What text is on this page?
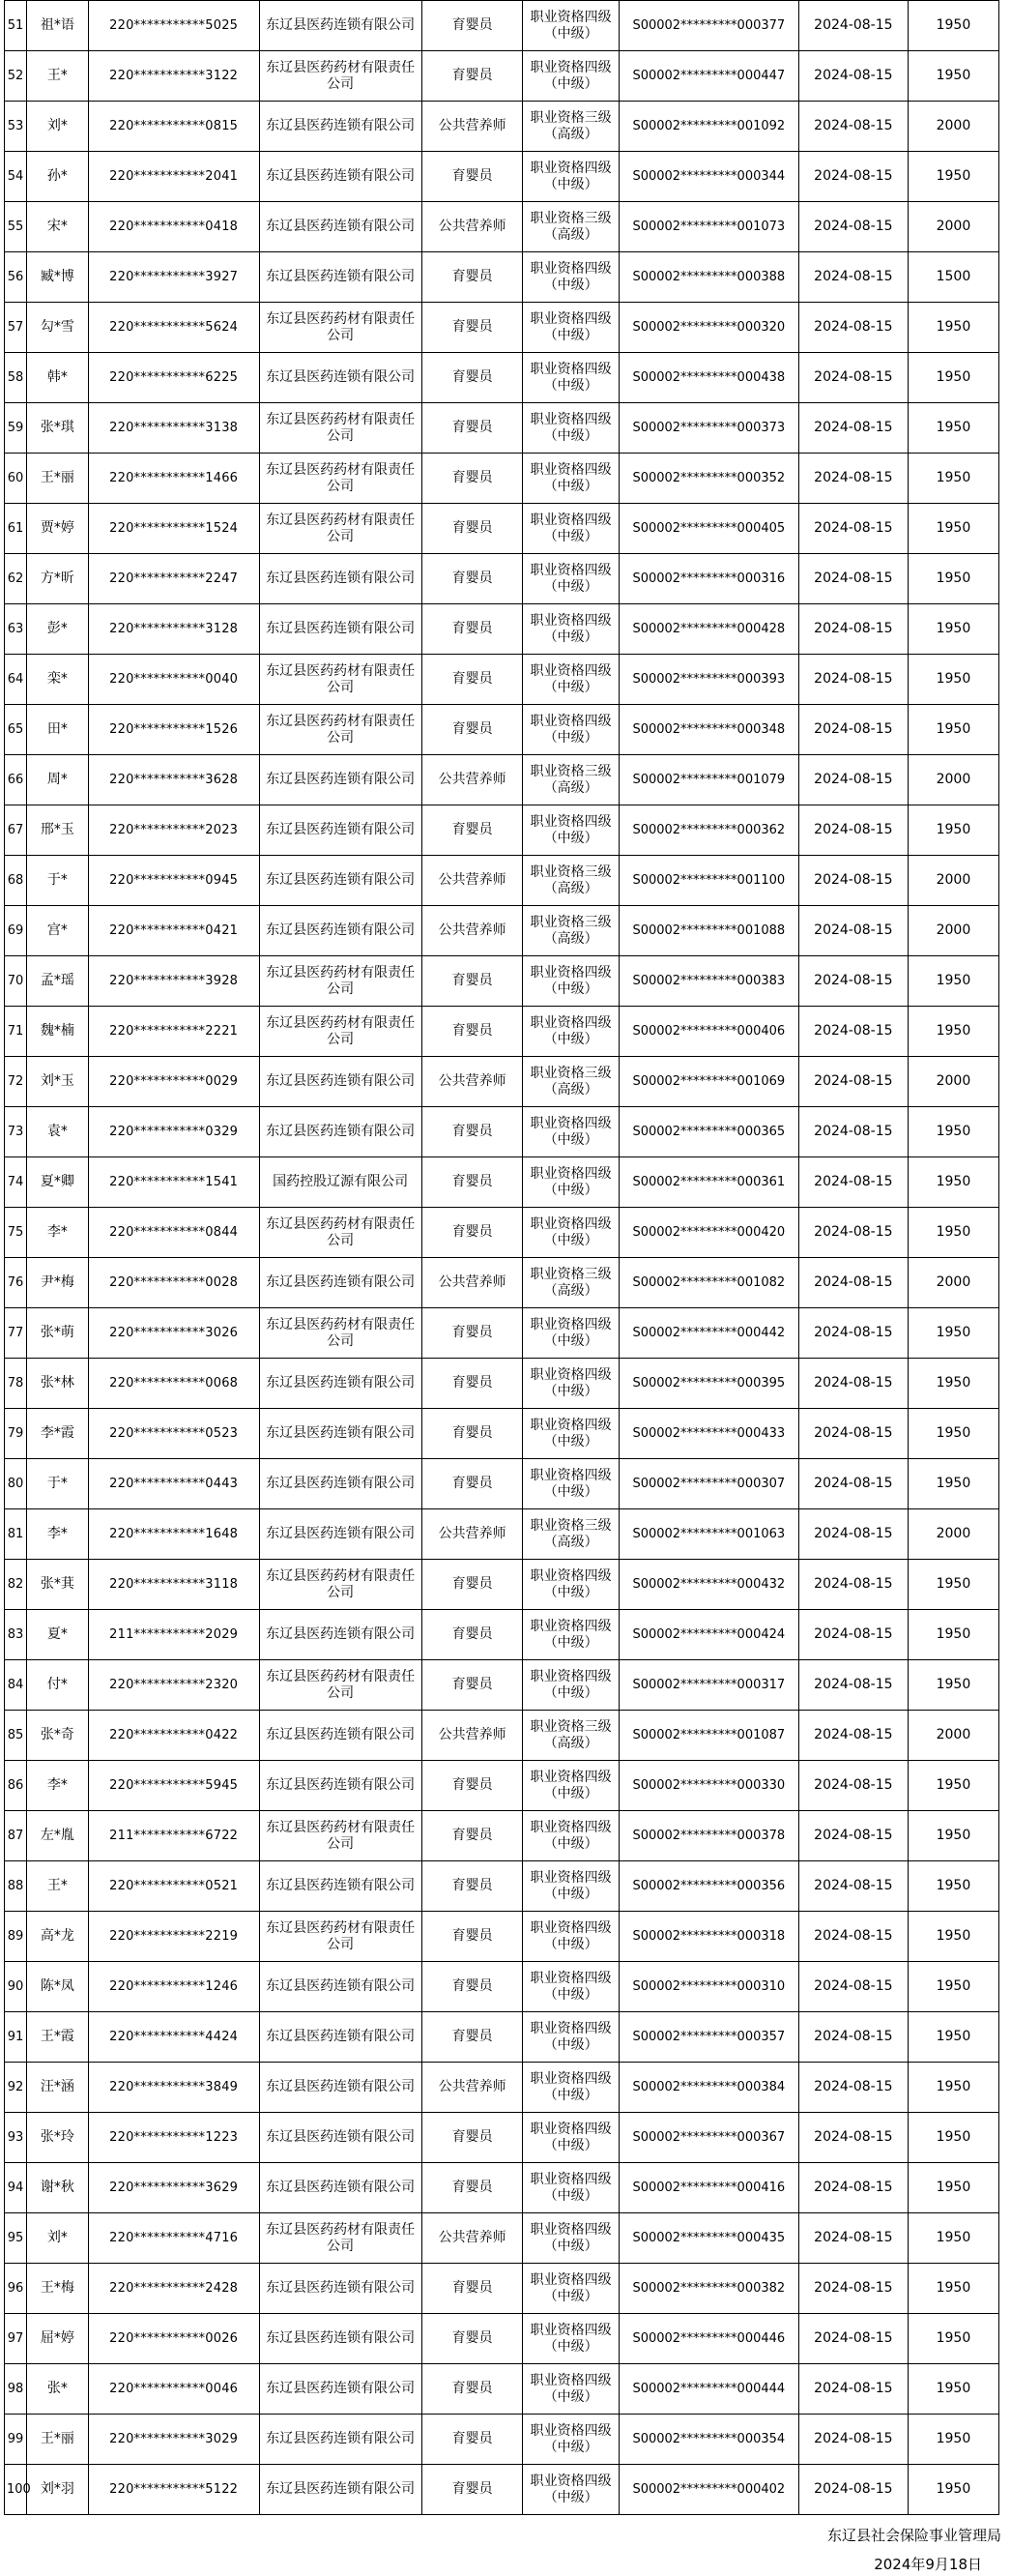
51	祖*语	220***********5025	东辽县医药连锁有限公司	育婴员	职业资格四级（中级）	S00002*********000377	2024-08-15	1950
52	王*	220***********3122	东辽县医药药材有限责任公司	育婴员	职业资格四级（中级）	S00002*********000447	2024-08-15	1950
53	刘*	220***********0815	东辽县医药连锁有限公司	公共营养师	职业资格三级（高级）	S00002*********001092	2024-08-15	2000
54	孙*	220***********2041	东辽县医药连锁有限公司	育婴员	职业资格四级（中级）	S00002*********000344	2024-08-15	1950
55	宋*	220***********0418	东辽县医药连锁有限公司	公共营养师	职业资格三级（高级）	S00002*********001073	2024-08-15	2000
56	臧*博	220***********3927	东辽县医药连锁有限公司	育婴员	职业资格四级（中级）	S00002*********000388	2024-08-15	1500
57	勾*雪	220***********5624	东辽县医药药材有限责任公司	育婴员	职业资格四级（中级）	S00002*********000320	2024-08-15	1950
58	韩*	220***********6225	东辽县医药连锁有限公司	育婴员	职业资格四级（中级）	S00002*********000438	2024-08-15	1950
59	张*琪	220***********3138	东辽县医药药材有限责任公司	育婴员	职业资格四级（中级）	S00002*********000373	2024-08-15	1950
60	王*丽	220***********1466	东辽县医药药材有限责任公司	育婴员	职业资格四级（中级）	S00002*********000352	2024-08-15	1950
61	贾*婷	220***********1524	东辽县医药药材有限责任公司	育婴员	职业资格四级（中级）	S00002*********000405	2024-08-15	1950
62	方*昕	220***********2247	东辽县医药连锁有限公司	育婴员	职业资格四级（中级）	S00002*********000316	2024-08-15	1950
63	彭*	220***********3128	东辽县医药连锁有限公司	育婴员	职业资格四级（中级）	S00002*********000428	2024-08-15	1950
64	栾*	220***********0040	东辽县医药药材有限责任公司	育婴员	职业资格四级（中级）	S00002*********000393	2024-08-15	1950
65	田*	220***********1526	东辽县医药药材有限责任公司	育婴员	职业资格四级（中级）	S00002*********000348	2024-08-15	1950
66	周*	220***********3628	东辽县医药连锁有限公司	公共营养师	职业资格三级（高级）	S00002*********001079	2024-08-15	2000
67	邢*玉	220***********2023	东辽县医药连锁有限公司	育婴员	职业资格四级（中级）	S00002*********000362	2024-08-15	1950
68	于*	220***********0945	东辽县医药连锁有限公司	公共营养师	职业资格三级（高级）	S00002*********001100	2024-08-15	2000
69	宫*	220***********0421	东辽县医药连锁有限公司	公共营养师	职业资格三级（高级）	S00002*********001088	2024-08-15	2000
70	孟*瑶	220***********3928	东辽县医药药材有限责任公司	育婴员	职业资格四级（中级）	S00002*********000383	2024-08-15	1950
71	魏*楠	220***********2221	东辽县医药药材有限责任公司	育婴员	职业资格四级（中级）	S00002*********000406	2024-08-15	1950
72	刘*玉	220***********0029	东辽县医药连锁有限公司	公共营养师	职业资格三级（高级）	S00002*********001069	2024-08-15	2000
73	袁*	220***********0329	东辽县医药连锁有限公司	育婴员	职业资格四级（中级）	S00002*********000365	2024-08-15	1950
74	夏*卿	220***********1541	国药控股辽源有限公司	育婴员	职业资格四级（中级）	S00002*********000361	2024-08-15	1950
75	李*	220***********0844	东辽县医药药材有限责任公司	育婴员	职业资格四级（中级）	S00002*********000420	2024-08-15	1950
76	尹*梅	220***********0028	东辽县医药连锁有限公司	公共营养师	职业资格三级（高级）	S00002*********001082	2024-08-15	2000
77	张*萌	220***********3026	东辽县医药药材有限责任公司	育婴员	职业资格四级（中级）	S00002*********000442	2024-08-15	1950
78	张*林	220***********0068	东辽县医药连锁有限公司	育婴员	职业资格四级（中级）	S00002*********000395	2024-08-15	1950
79	李*霞	220***********0523	东辽县医药连锁有限公司	育婴员	职业资格四级（中级）	S00002*********000433	2024-08-15	1950
80	于*	220***********0443	东辽县医药连锁有限公司	育婴员	职业资格四级（中级）	S00002*********000307	2024-08-15	1950
81	李*	220***********1648	东辽县医药连锁有限公司	公共营养师	职业资格三级（高级）	S00002*********001063	2024-08-15	2000
82	张*萁	220***********3118	东辽县医药药材有限责任公司	育婴员	职业资格四级（中级）	S00002*********000432	2024-08-15	1950
83	夏*	211***********2029	东辽县医药连锁有限公司	育婴员	职业资格四级（中级）	S00002*********000424	2024-08-15	1950
84	付*	220***********2320	东辽县医药药材有限责任公司	育婴员	职业资格四级（中级）	S00002*********000317	2024-08-15	1950
85	张*奇	220***********0422	东辽县医药连锁有限公司	公共营养师	职业资格三级（高级）	S00002*********001087	2024-08-15	2000
86	李*	220***********5945	东辽县医药连锁有限公司	育婴员	职业资格四级（中级）	S00002*********000330	2024-08-15	1950
87	左*胤	211***********6722	东辽县医药药材有限责任公司	育婴员	职业资格四级（中级）	S00002*********000378	2024-08-15	1950
88	王*	220***********0521	东辽县医药连锁有限公司	育婴员	职业资格四级（中级）	S00002*********000356	2024-08-15	1950
89	高*龙	220***********2219	东辽县医药药材有限责任公司	育婴员	职业资格四级（中级）	S00002*********000318	2024-08-15	1950
90	陈*凤	220***********1246	东辽县医药连锁有限公司	育婴员	职业资格四级（中级）	S00002*********000310	2024-08-15	1950
91	王*霞	220***********4424	东辽县医药连锁有限公司	育婴员	职业资格四级（中级）	S00002*********000357	2024-08-15	1950
92	汪*涵	220***********3849	东辽县医药连锁有限公司	公共营养师	职业资格四级（中级）	S00002*********000384	2024-08-15	1950
93	张*玲	220***********1223	东辽县医药连锁有限公司	育婴员	职业资格四级（中级）	S00002*********000367	2024-08-15	1950
94	谢*秋	220***********3629	东辽县医药连锁有限公司	育婴员	职业资格四级（中级）	S00002*********000416	2024-08-15	1950
95	刘*	220***********4716	东辽县医药药材有限责任公司	公共营养师	职业资格四级（中级）	S00002*********000435	2024-08-15	1950
96	王*梅	220***********2428	东辽县医药连锁有限公司	育婴员	职业资格四级（中级）	S00002*********000382	2024-08-15	1950
97	屈*婷	220***********0026	东辽县医药连锁有限公司	育婴员	职业资格四级（中级）	S00002*********000446	2024-08-15	1950
98	张*	220***********0046	东辽县医药连锁有限公司	育婴员	职业资格四级（中级）	S00002*********000444	2024-08-15	1950
99	王*丽	220***********3029	东辽县医药连锁有限公司	育婴员	职业资格四级（中级）	S00002*********000354	2024-08-15	1950
100	刘*羽	220***********5122	东辽县医药连锁有限公司	育婴员	职业资格四级（中级）	S00002*********000402	2024-08-15	1950
东辽县社会保险事业管理局
2024年9月18日
